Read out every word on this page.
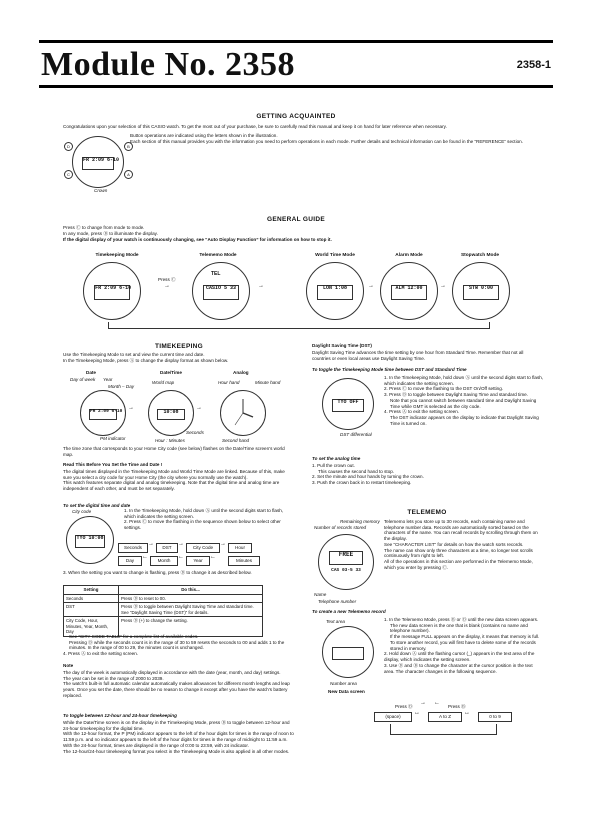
Module No. 2358	2358-1
GETTING ACQUAINTED
Congratulations upon your selection of this CASIO watch. To get the most out of your purchase, be sure to carefully read this manual and keep it on hand for later reference when necessary.
FR 2:09 6-10
D
C
B
A
Crown
Button operations are indicated using the letters shown in the illustration.
Each section of this manual provides you with the information you need to perform operations in each mode. Further details and technical information can be found in the “REFERENCE” section.
GENERAL GUIDE
Press Ⓒ to change from mode to mode.
In any mode, press Ⓑ to illuminate the display.
If the digital display of your watch is continuously changing, see “Auto Display Function” for information on how to stop it.
Timekeeping Mode	Telememo Mode	World Time Mode	Alarm Mode	Stopwatch Mode
FR 2:09 6-10
Press Ⓒ
→
TEL
CASIO 5 33	→	LON 1:08	→	ALM 12:00	→	STW 0:00
TIMEKEEPING
Use the Timekeeping Mode to set and view the current time and date.
In the Timekeeping Mode, press Ⓐ to change the display format as shown below.
Date	Date/Time	Analog
Day of week Year
Month – Day
World map	Hour hand	Minute hand
FR 2:09 6-10
→
10:08
→
PM indicator
Seconds
Hour : Minutes	Second hand
The time zone that corresponds to your Home City code (see below) flashes on the Date/Time screen’s world map.
Read This Before You Set the Time and Date !
The digital times displayed in the Timekeeping Mode and World Time Mode are linked. Because of this, make sure you select a city code for your Home City (the city where you normally use the watch).
This watch features separate digital and analog timekeeping. Note that the digital time and analog time are independent of each other, and must be set separately.
To set the digital time and date
City code
TYO 10:08
1. In the Timekeeping Mode, hold down Ⓐ until the second digits start to flash, which indicates the setting screen.
2. Press Ⓒ to move the flashing in the sequence shown below to select other settings.
Seconds
→
DST
→
City Code
→
Hour
Day
←
Month
←
Year
←
Minutes
3. When the setting you want to change is flashing, press Ⓓ to change it as described below.
Setting	Do this...
Seconds	Press Ⓓ to reset to 00.
DST	Press Ⓓ to toggle between Daylight Saving Time and standard time. See “Daylight Saving Time (DST)” for details.
City Code, Hour, Minutes, Year, Month, Day	Press Ⓓ (+) to change the setting.
See “CITY CODE TABLE” for a complete list of available codes.
Pressing Ⓓ while the seconds count is in the range of 30 to 59 resets the seconds to 00 and adds 1 to the minutes. In the range of 00 to 29, the minutes count is unchanged.
4. Press Ⓐ to exit the setting screen.
Note
The day of the week is automatically displayed in accordance with the date (year, month, and day) settings.
The year can be set in the range of 2000 to 2039.
The watch’s built-in full automatic calendar automatically makes allowances for different month lengths and leap years. Once you set the date, there should be no reason to change it except after you have the watch’s battery replaced.
To toggle between 12-hour and 24-hour timekeeping
While the Date/Time screen is on the display in the Timekeeping Mode, press Ⓑ to toggle between 12-hour and 24-hour timekeeping for the digital time.
With the 12-hour format, the P (PM) indicator appears to the left of the hour digits for times in the range of noon to 11:59 p.m. and no indicator appears to the left of the hour digits for times in the range of midnight to 11:59 a.m.
With the 24-hour format, times are displayed in the range of 0:00 to 23:59, with 24 indicator.
The 12-hour/24-hour timekeeping format you select in the Timekeeping Mode is also applied in all other modes.
Daylight Saving Time (DST)
Daylight Saving Time advances the time setting by one hour from Standard Time. Remember that not all countries or even local areas use Daylight Saving Time.
To toggle the Timekeeping Mode time between DST and Standard Time
TYO OFF
DST differential
1. In the Timekeeping Mode, hold down Ⓐ until the second digits start to flash, which indicates the setting screen.
2. Press Ⓒ to move the flashing to the DST On/Off setting.
3. Press Ⓓ to toggle between Daylight Saving Time and standard time.
Note that you cannot switch between standard time and Daylight Saving Time while GMT is selected as the city code.
4. Press Ⓐ to exit the setting screen.
The DST indicator appears on the display to indicate that Daylight Saving Time is turned on.
To set the analog time
1. Pull the crown out.
This causes the second hand to stop.
2. Set the minute and hour hands by turning the crown.
3. Push the crown back in to restart timekeeping.
TELEMEMO
Remaining memory
Number of records stored
FREE
CAS 03-5 33
Name
Telephone number
Telememo lets you store up to 30 records, each containing name and telephone number data. Records are automatically sorted based on the characters of the name. You can recall records by scrolling through them on the display.
See “CHARACTER LIST” for details on how the watch sorts records.
The name can show only three characters at a time, so longer text scrolls continuously from right to left.
All of the operations in this section are performed in the Telememo Mode, which you enter by pressing Ⓒ.
To create a new Telememo record
Text area
Number area
New Data screen
1. In the Telememo Mode, press Ⓑ or Ⓓ until the new data screen appears.
The new data screen is the one that is blank (contains no name and telephone number).
If the message FULL appears on the display, it means that memory is full. To store another record, you will first have to delete some of the records stored in memory.
2. Hold down Ⓐ until the flashing cursor (_) appears in the text area of the display, which indicates the setting screen.
3. Use Ⓓ and Ⓑ to change the character at the cursor position in the text area. The character changes in the following sequence.
Press Ⓓ
→ ←
Press Ⓑ
(space)
↔
A to Z
↔
0 to 9
